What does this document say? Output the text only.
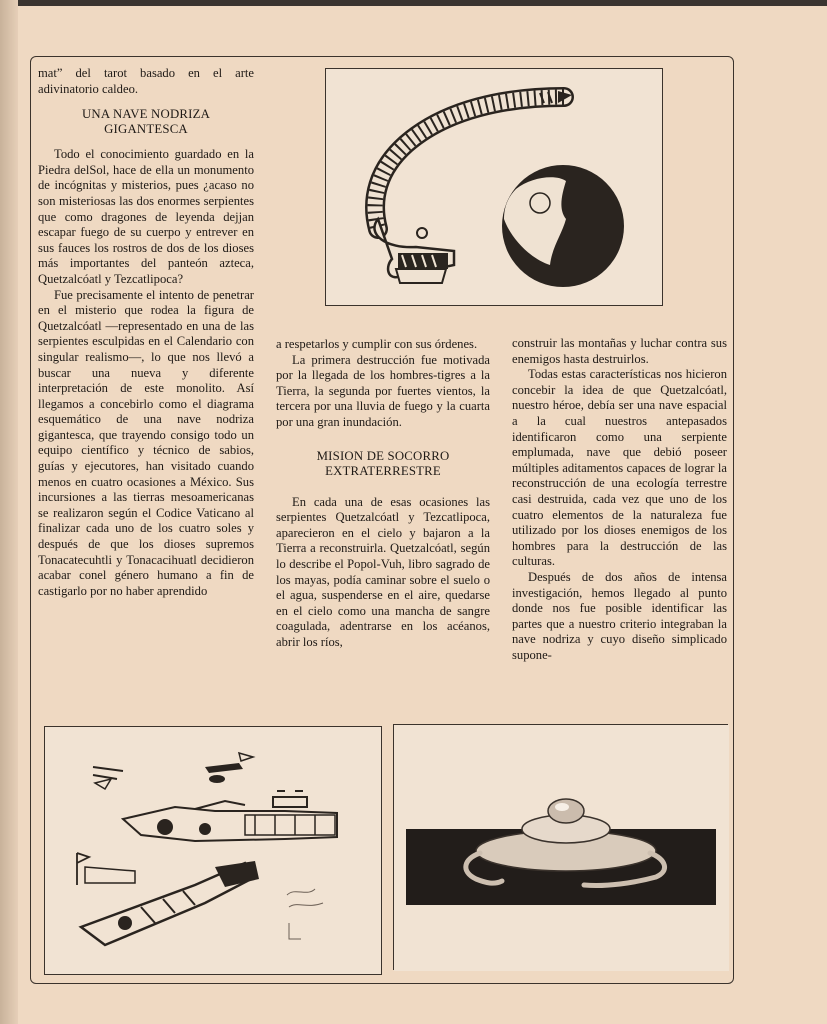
mat” del tarot basado en el arte adivinatorio caldeo.

UNA NAVE NODRIZA
GIGANTESCA

Todo el conocimiento guardado en la Piedra delSol, hace de ella un monumento de incógnitas y misterios, pues ¿acaso no son misteriosas las dos enormes serpientes que como dragones de leyenda dejjan escapar fuego de su cuerpo y entrever en sus fauces los rostros de dos de los dioses más importantes del panteón azteca, Quetzalcóatl y Tezcatlipoca?

Fue precisamente el intento de penetrar en el misterio que rodea la figura de Quetzalcóatl —representado en una de las serpientes esculpidas en el Calendario con singular realismo—, lo que nos llevó a buscar una nueva y diferente interpretación de este monolito. Así llegamos a concebirlo como el diagrama esquemático de una nave nodriza gigantesca, que trayendo consigo todo un equipo científico y técnico de sabios, guías y ejecutores, han visitado cuando menos en cuatro ocasiones a México. Sus incursiones a las tierras mesoamericanas se realizaron según el Codice Vaticano al finalizar cada uno de los cuatro soles y después de que los dioses supremos Tonacatecuhtli y Tonacacihuatl decidieron acabar conel género humano a fin de castigarlo por no haber aprendido

a respetarlos y cumplir con sus órdenes.

La primera destrucción fue motivada por la llegada de los hombres-tigres a la Tierra, la segunda por fuertes vientos, la tercera por una lluvia de fuego y la cuarta por una gran inundación.

MISION DE SOCORRO
EXTRATERRESTRE

En cada una de esas ocasiones las serpientes Quetzalcóatl y Tezcatlipoca, aparecieron en el cielo y bajaron a la Tierra a reconstruirla. Quetzalcóatl, según lo describe el Popol-Vuh, libro sagrado de los mayas, podía caminar sobre el suelo o el agua, suspenderse en el aire, quedarse en el cielo como una mancha de sangre coagulada, adentrarse en los acéanos, abrir los ríos,

construir las montañas y luchar contra sus enemigos hasta destruirlos.

Todas estas características nos hicieron concebir la idea de que Quetzalcóatl, nuestro héroe, debía ser una nave espacial a la cual nuestros antepasados identificaron como una serpiente emplumada, nave que debió poseer múltiples aditamentos capaces de lograr la reconstrucción de una ecología terrestre casi destruida, cada vez que uno de los cuatro elementos de la naturaleza fue utilizado por los dioses enemigos de los hombres para la destrucción de las culturas.

Después de dos años de intensa investigación, hemos llegado al punto donde nos fue posible identificar las partes que a nuestro criterio integraban la nave nodriza y cuyo diseño simplicado supone-
